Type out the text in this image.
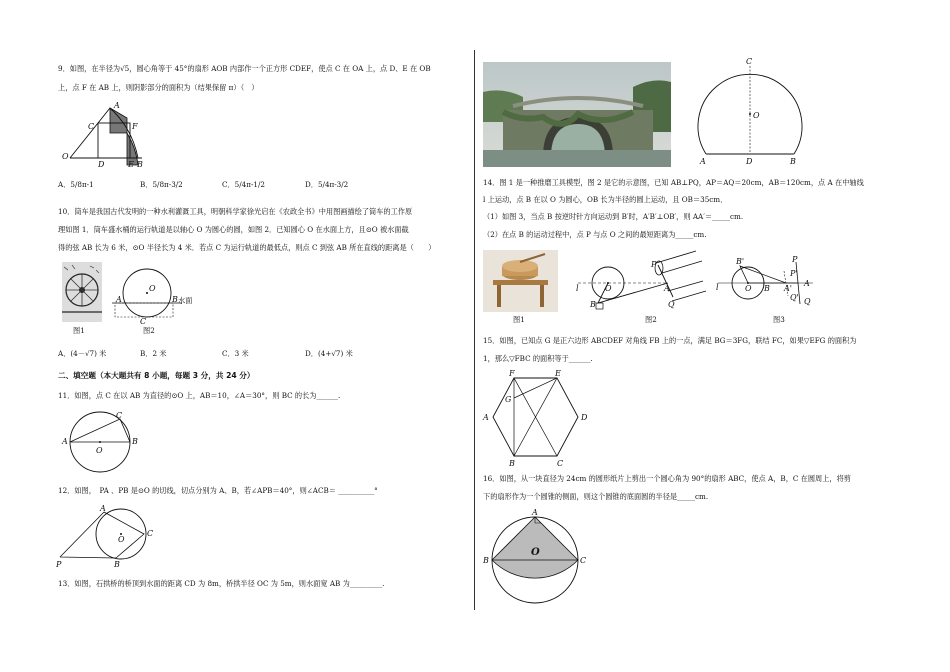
9．如图，在半径为√5，圆心角等于 45°的扇形 AOB 内部作一个正方形 CDEF，使点 C 在 OA 上，点 D、E 在 OB
上，点 F 在 AB 上，则阴影部分的面积为（结果保留 π）（　）
A
C	F
O
D	E B
A．5/8π-1	B．5/8π-3/2	C．5/4π-1/2	D．5/4π-3/2
10．筒车是我国古代发明的一种水利灌溉工具，明朝科学家徐光启在《农政全书》中用图画描绘了筒车的工作原
理如图 1．筒车盛水桶的运行轨道是以轴心 O 为圆心的圆，如图 2．已知圆心 O 在水面上方，且⊙O 被水面截
得的弦 AB 长为 6 米，⊙O 半径长为 4 米．若点 C 为运行轨道的最低点，则点 C 到弦 AB 所在直线的距离是（　　）
图1
O
A	B
C
水面
图2
A．(4－√7) 米	B．2 米	C．3 米	D．(4+√7) 米
二、填空题（本大题共有 8 小题，每题 3 分，共 24 分）
11．如图，点 C 在以 AB 为直径的⊙O 上，AB＝10，∠A＝30°，则 BC 的长为______.
A	B
C
O
12．如图，　PA 、PB 是⊙O 的切线，切点分别为 A、B，若∠APB＝40°，则∠ACB＝ __________°
A
B
C
O
P
13．如图，石拱桥的桥顶到水面的距离 CD 为 8m，桥拱半径 OC 为 5m，则水面宽 AB 为_________.
C
O
A	D	B
14．图 1 是一种推磨工具模型，图 2 是它的示意图，已知 AB⊥PQ，AP＝AQ＝20cm，AB＝120cm，点 A 在中轴线
l 上运动，点 B 在以 O 为圆心，OB 长为半径的圆上运动，且 OB＝35cm．
（1）如图 3，当点 B 按逆时针方向运动到 B′时，A′B′⊥OB′，则 AA′＝_____cm.
（2）在点 B 的运动过程中，点 P 与点 O 之间的最短距离为_____cm.
图1
l	O
B
P
A
Q
图2
l	O
B'
B
P
P'
A'
A
Q' Q
图3
15．如图，已知点 G 是正六边形 ABCDEF 对角线 FB 上的一点，满足 BG＝3FG，联结 FC，如果▽EFG 的面积为
1，那么▽FBC 的面积等于______.
F	E
D
C
B
A
G
16．如图，从一块直径为 24cm 的圆形纸片上剪出一个圆心角为 90°的扇形 ABC，使点 A，B，C 在圆周上，将剪
下的扇形作为一个圆锥的侧面，则这个圆锥的底面圆的半径是_____cm.
A
O
B	C
